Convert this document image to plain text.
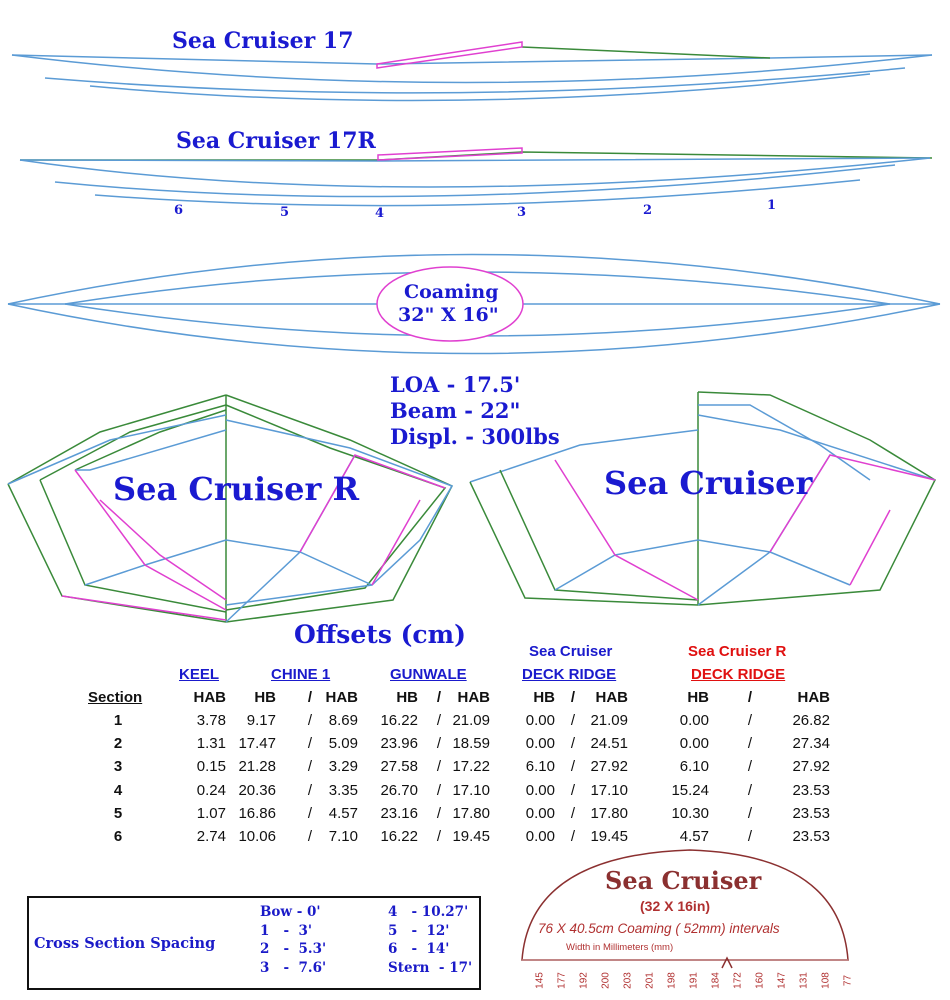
Sea Cruiser 17
Sea Cruiser 17R
6	5	4	3	2	1
Coaming
32" X 16"
LOA - 17.5'
Beam - 22"
Displ. - 300lbs
Sea Cruiser R	Sea Cruiser
Offsets (cm)
KEEL	CHINE 1	GUNWALE
Sea Cruiser
DECK RIDGE
Sea Cruiser R
DECK RIDGE
Section	HAB	HB	/ HAB	HB	/	HAB	HB	/	HAB	HB	/	HAB
1	3.78	9.17	/	8.69	16.22	/ 21.09	0.00	/	21.09	0.00	/	26.82
2	1.31 17.47	/	5.09	23.96	/ 18.59	0.00	/	24.51	0.00	/	27.34
3	0.15 21.28	/	3.29	27.58	/ 17.22	6.10	/	27.92	6.10	/	27.92
4	0.24 20.36	/	3.35	26.70	/ 17.10	0.00	/	17.10	15.24	/	23.53
5	1.07 16.86	/	4.57	23.16	/ 17.80	0.00	/	17.80	10.30	/	23.53
6	2.74 10.06	/	7.10	16.22	/ 19.45	0.00	/	19.45	4.57	/	23.53
Cross Section Spacing
Bow - 0'
1   -  3'
2   -  5.3'
3   -  7.6'
4   - 10.27'
5   -  12'
6   -  14'
Stern  - 17'
Sea Cruiser
(32 X 16in)
76 X 40.5cm Coaming ( 52mm) intervals
Width in Millimeters (mm)
145 177 192 200 203 201 198 191 184 172 160 147 131 108 77
